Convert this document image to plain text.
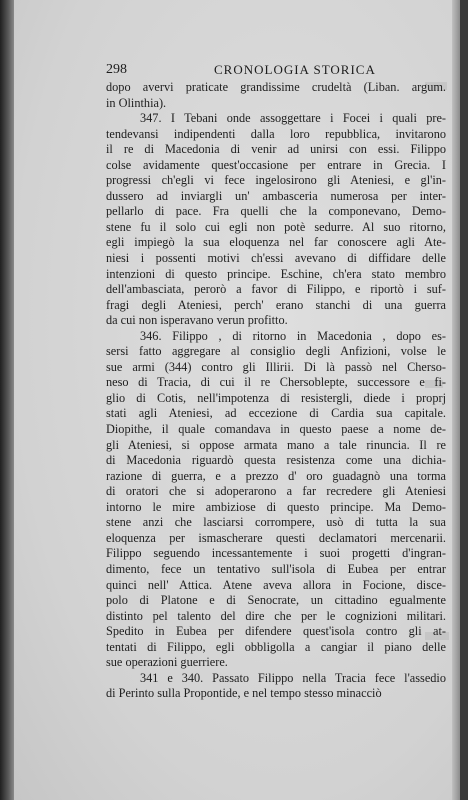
298	CRONOLOGIA STORICA
dopo avervi praticate grandissime crudeltà (Liban. argum.
in Olinthia).
347. I Tebani onde assoggettare i Focei i quali pre-
tendevansi indipendenti dalla loro repubblica, invitarono
il re di Macedonia di venir ad unirsi con essi. Filippo
colse avidamente quest'occasione per entrare in Grecia. I
progressi ch'egli vi fece ingelosirono gli Ateniesi, e gl'in-
dussero ad inviargli un' ambasceria numerosa per inter-
pellarlo di pace. Fra quelli che la componevano, Demo-
stene fu il solo cui egli non potè sedurre. Al suo ritorno,
egli impiegò la sua eloquenza nel far conoscere agli Ate-
niesi i possenti motivi ch'essi avevano di diffidare delle
intenzioni di questo principe. Eschine, ch'era stato membro
dell'ambasciata, perorò a favor di Filippo, e riportò i suf-
fragi degli Ateniesi, perch' erano stanchi di una guerra
da cui non isperavano verun profitto.
346. Filippo , di ritorno in Macedonia , dopo es-
sersi fatto aggregare al consiglio degli Anfizioni, volse le
sue armi (344) contro gli Illirii. Di là passò nel Cherso-
neso di Tracia, di cui il re Chersoblepte, successore e fi-
glio di Cotis, nell'impotenza di resistergli, diede i proprj
stati agli Ateniesi, ad eccezione di Cardia sua capitale.
Diopithe, il quale comandava in questo paese a nome de-
gli Ateniesi, si oppose armata mano a tale rinuncia. Il re
di Macedonia riguardò questa resistenza come una dichia-
razione di guerra, e a prezzo d' oro guadagnò una torma
di oratori che si adoperarono a far recredere gli Ateniesi
intorno le mire ambiziose di questo principe. Ma Demo-
stene anzi che lasciarsi corrompere, usò di tutta la sua
eloquenza per ismascherare questi declamatori mercenarii.
Filippo seguendo incessantemente i suoi progetti d'ingran-
dimento, fece un tentativo sull'isola di Eubea per entrar
quinci nell' Attica. Atene aveva allora in Focione, disce-
polo di Platone e di Senocrate, un cittadino egualmente
distinto pel talento del dire che per le cognizioni militari.
Spedito in Eubea per difendere quest'isola contro gli at-
tentati di Filippo, egli obbligolla a cangiar il piano delle
sue operazioni guerriere.
341 e 340. Passato Filippo nella Tracia fece l'assedio
di Perinto sulla Propontide, e nel tempo stesso minacciò
